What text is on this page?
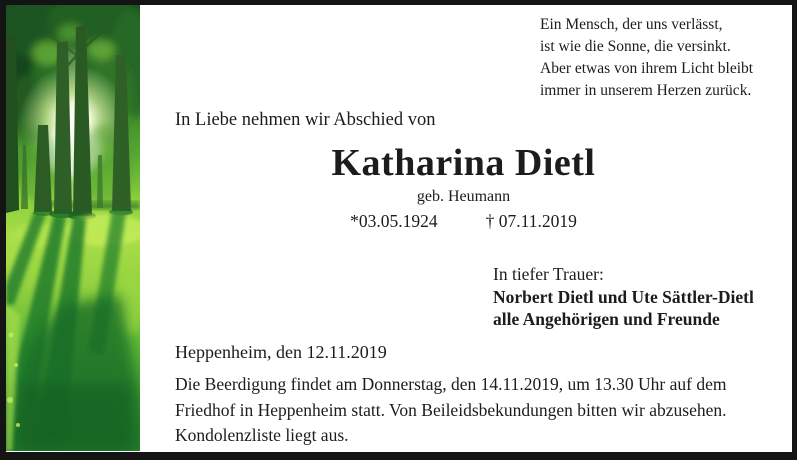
Ein Mensch, der uns verlässt,
ist wie die Sonne, die versinkt.
Aber etwas von ihrem Licht bleibt
immer in unserem Herzen zurück.
In Liebe nehmen wir Abschied von
Katharina Dietl
geb. Heumann
*03.05.1924	† 07.11.2019
In tiefer Trauer:
Norbert Dietl und Ute Sättler-Dietl
alle Angehörigen und Freunde
Heppenheim, den 12.11.2019
Die Beerdigung findet am Donnerstag, den 14.11.2019, um 13.30 Uhr auf dem
Friedhof in Heppenheim statt. Von Beileidsbekundungen bitten wir abzusehen.
Kondolenzliste liegt aus.
